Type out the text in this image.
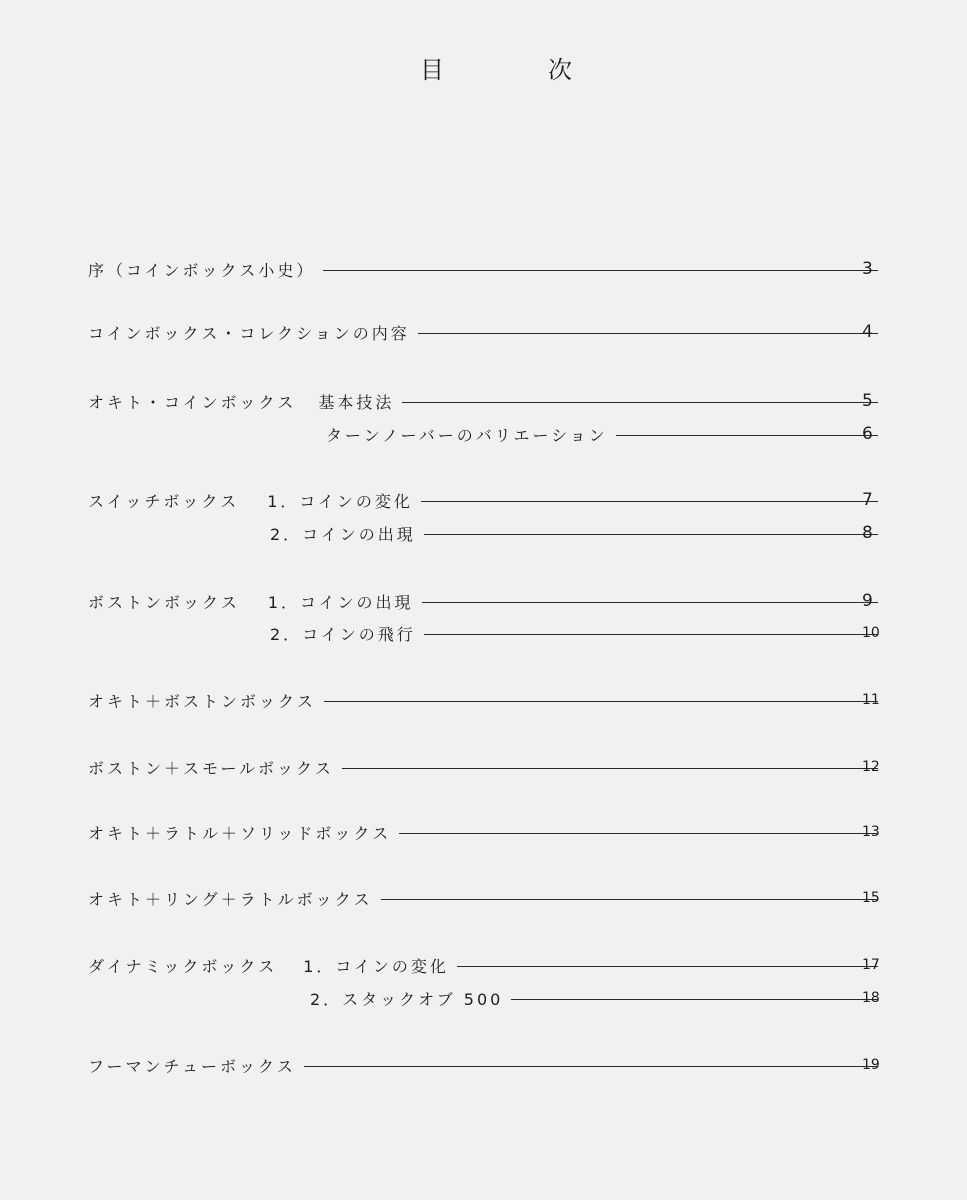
目　次
序（コインボックス小史）	3
コインボックス・コレクションの内容	4
オキト・コインボックス 基本技法	5
ターンノーバーのバリエーション	6
スイッチボックス 1．コインの変化	7
2．コインの出現	8
ボストンボックス 1．コインの出現	9
2．コインの飛行	10
オキト＋ボストンボックス	11
ボストン＋スモールボックス	12
オキト＋ラトル＋ソリッドボックス	13
オキト＋リング＋ラトルボックス	15
ダイナミックボックス 1．コインの変化	17
2．スタックオブ 500	18
フーマンチューボックス	19
